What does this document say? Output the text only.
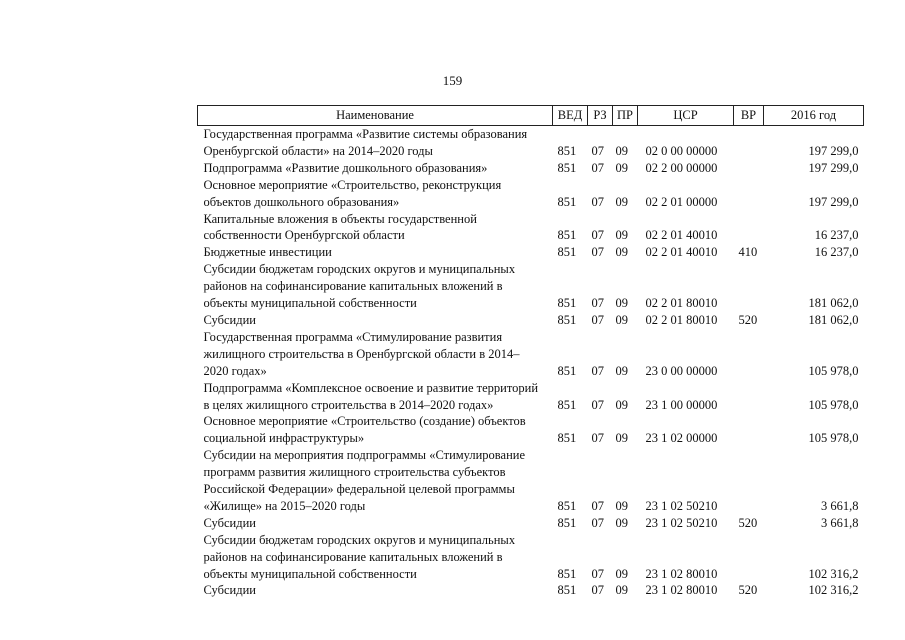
159
Наименование	ВЕД	РЗ	ПР	ЦСР	ВР	2016 год

Государственная программа «Развитие системы образования
Оренбургской области» на 2014–2020 годы	851	07	09	02 0 00 00000		197 299,0

Подпрограмма «Развитие дошкольного образования»	851	07	09	02 2 00 00000		197 299,0

Основное мероприятие «Строительство, реконструкция
объектов дошкольного образования»	851	07	09	02 2 01 00000		197 299,0

Капитальные вложения в объекты государственной
собственности Оренбургской области	851	07	09	02 2 01 40010		16 237,0

Бюджетные инвестиции	851	07	09	02 2 01 40010	410	16 237,0

Субсидии бюджетам городских округов и муниципальных
районов на софинансирование капитальных вложений в
объекты муниципальной собственности	851	07	09	02 2 01 80010		181 062,0

Субсидии	851	07	09	02 2 01 80010	520	181 062,0

Государственная программа «Стимулирование развития
жилищного строительства в Оренбургской области в 2014–
2020 годах»	851	07	09	23 0 00 00000		105 978,0

Подпрограмма «Комплексное освоение и развитие территорий
в целях жилищного строительства в 2014–2020 годах»	851	07	09	23 1 00 00000		105 978,0

Основное мероприятие «Строительство (создание) объектов
социальной инфраструктуры»	851	07	09	23 1 02 00000		105 978,0

Субсидии на мероприятия подпрограммы «Стимулирование
программ развития жилищного строительства субъектов
Российской Федерации» федеральной целевой программы
«Жилище» на 2015–2020 годы	851	07	09	23 1 02 50210		3 661,8

Субсидии	851	07	09	23 1 02 50210	520	3 661,8

Субсидии бюджетам городских округов и муниципальных
районов на софинансирование капитальных вложений в
объекты муниципальной собственности	851	07	09	23 1 02 80010		102 316,2

Субсидии	851	07	09	23 1 02 80010	520	102 316,2
